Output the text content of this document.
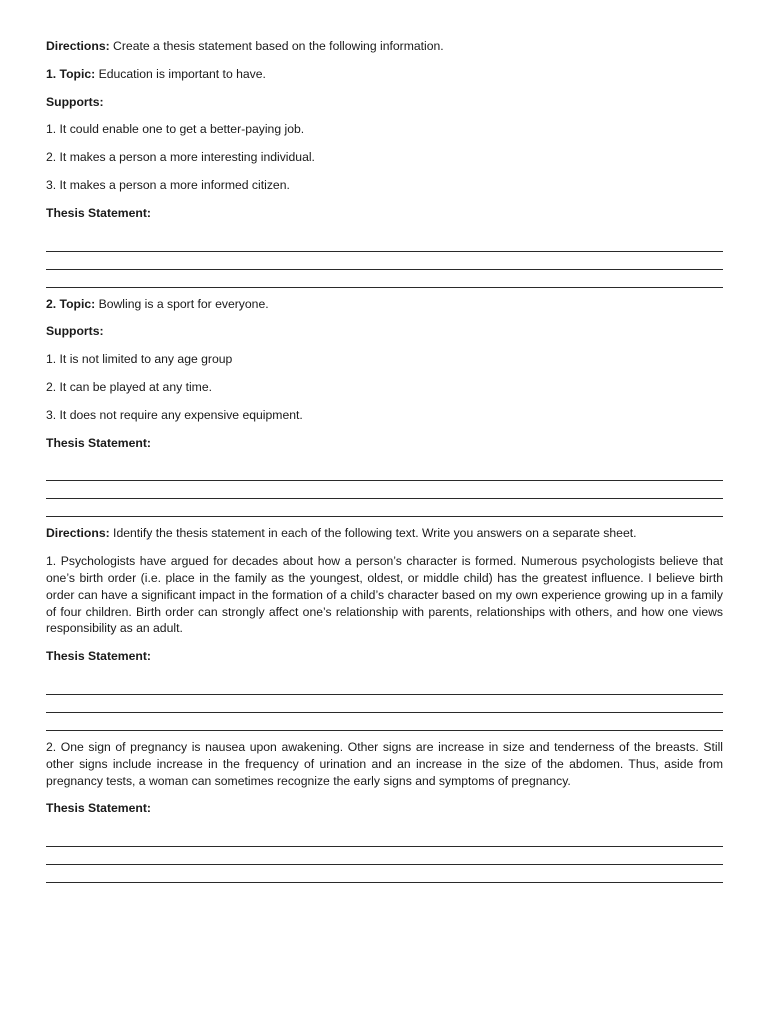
Directions: Create a thesis statement based on the following information.

1. Topic: Education is important to have.

Supports:

1. It could enable one to get a better-paying job.

2. It makes a person a more interesting individual.

3. It makes a person a more informed citizen.

Thesis Statement:

2. Topic: Bowling is a sport for everyone.

Supports:

1. It is not limited to any age group

2. It can be played at any time.

3. It does not require any expensive equipment.

Thesis Statement:

Directions: Identify the thesis statement in each of the following text. Write you answers on a separate sheet.

1. Psychologists have argued for decades about how a person’s character is formed. Numerous psychologists believe that one’s birth order (i.e. place in the family as the youngest, oldest, or middle child) has the greatest influence. I believe birth order can have a significant impact in the formation of a child’s character based on my own experience growing up in a family of four children. Birth order can strongly affect one’s relationship with parents, relationships with others, and how one views responsibility as an adult.

Thesis Statement:

2. One sign of pregnancy is nausea upon awakening. Other signs are increase in size and tenderness of the breasts. Still other signs include increase in the frequency of urination and an increase in the size of the abdomen. Thus, aside from pregnancy tests, a woman can sometimes recognize the early signs and symptoms of pregnancy.

Thesis Statement:
